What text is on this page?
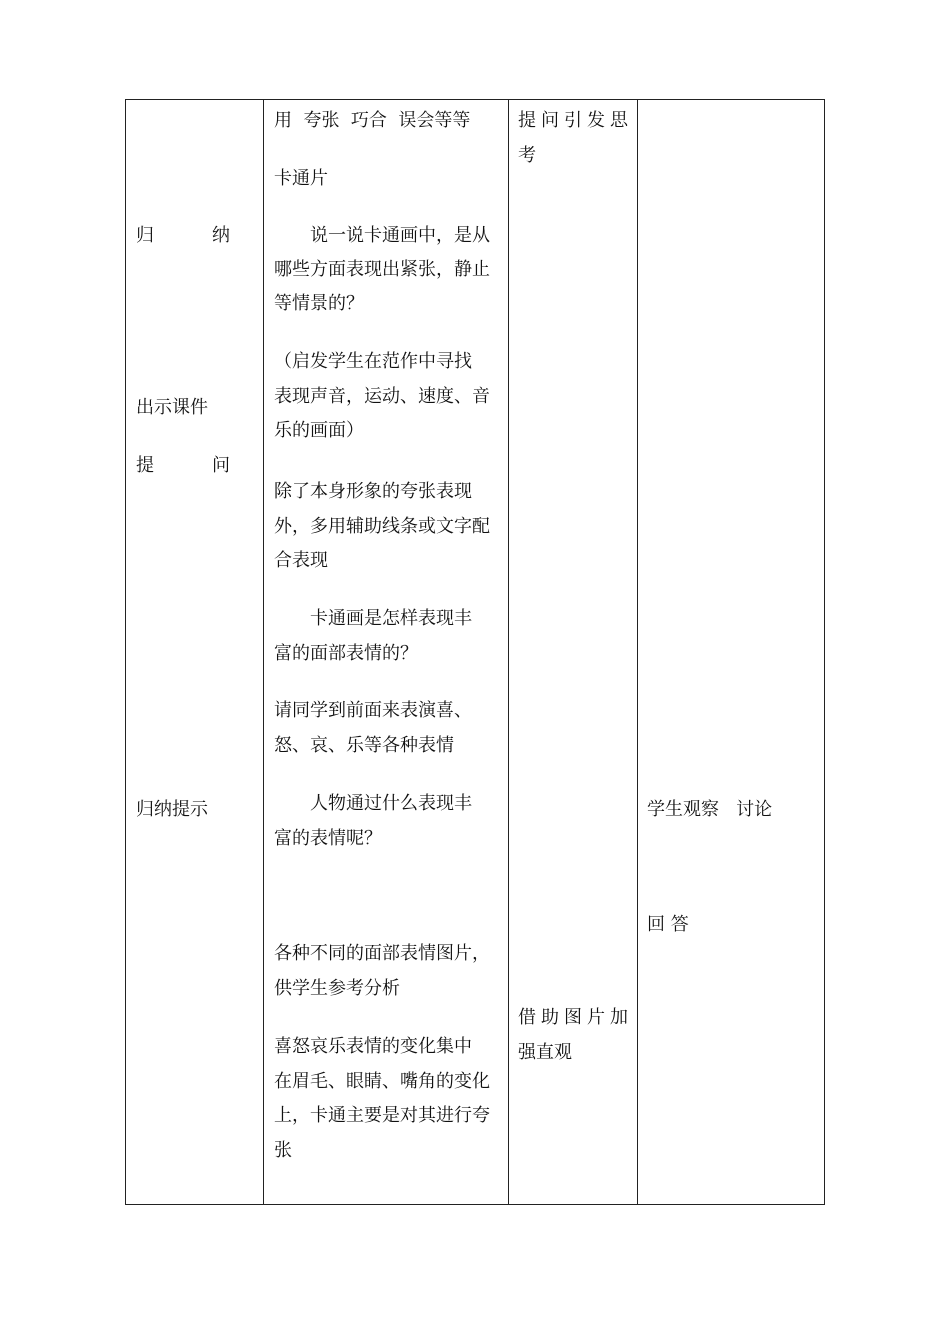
归	纳
出示课件
提	问
归纳提示
用  夸张  巧合  误会等等
卡通片
说一说卡通画中，是从
哪些方面表现出紧张，静止
等情景的？
（启发学生在范作中寻找
表现声音，运动、速度、音
乐的画面）
除了本身形象的夸张表现
外，多用辅助线条或文字配
合表现
卡通画是怎样表现丰
富的面部表情的？
请同学到前面来表演喜、
怒、哀、乐等各种表情
人物通过什么表现丰
富的表情呢？
各种不同的面部表情图片，
供学生参考分析
喜怒哀乐表情的变化集中
在眉毛、眼睛、嘴角的变化
上，卡通主要是对其进行夸
张
提问引发思
考
借助图片加
强直观
学生观察   讨论
回 答
